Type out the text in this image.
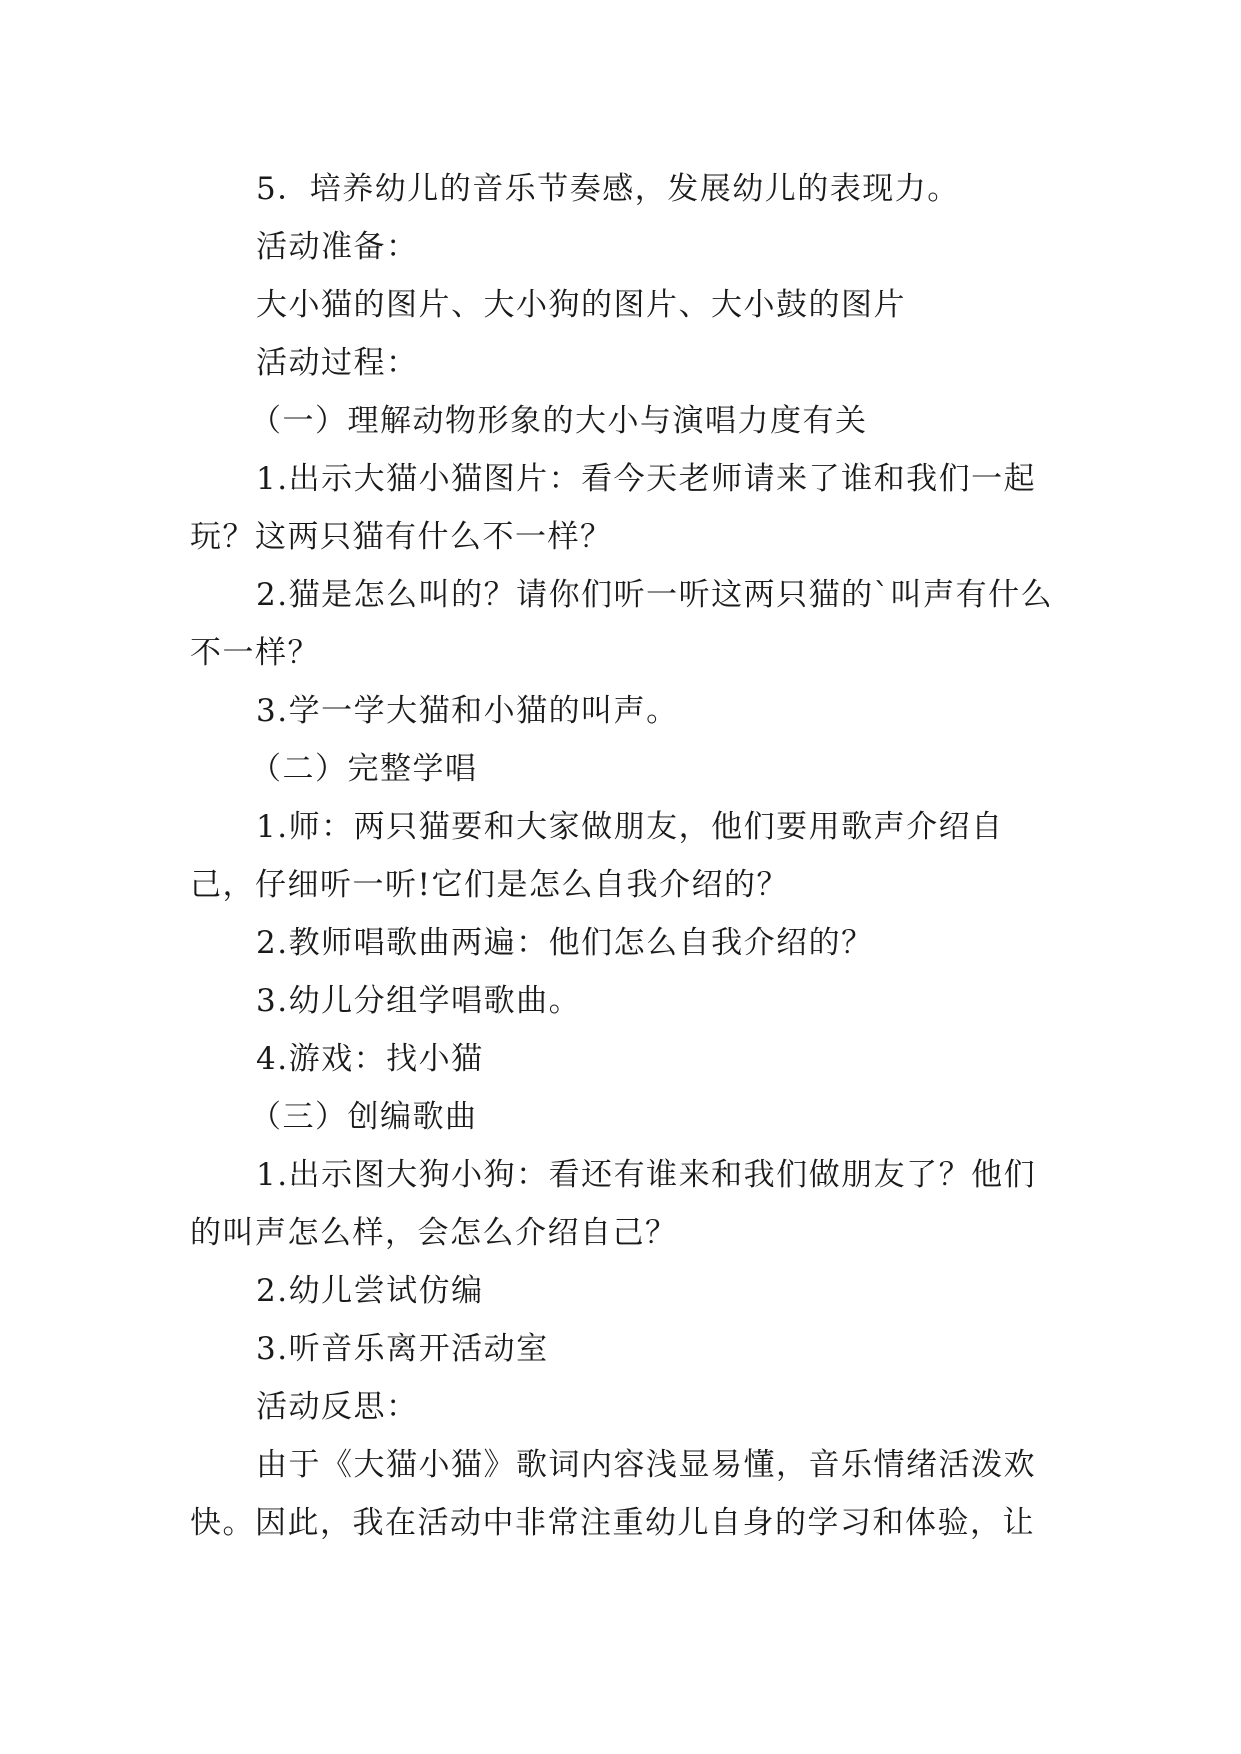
5．培养幼儿的音乐节奏感，发展幼儿的表现力。

活动准备：

大小猫的图片、大小狗的图片、大小鼓的图片

活动过程：

（一）理解动物形象的大小与演唱力度有关

1.出示大猫小猫图片：看今天老师请来了谁和我们一起玩？这两只猫有什么不一样？

2.猫是怎么叫的？请你们听一听这两只猫的`叫声有什么不一样？

3.学一学大猫和小猫的叫声。

（二）完整学唱

1.师：两只猫要和大家做朋友，他们要用歌声介绍自己，仔细听一听!它们是怎么自我介绍的？

2.教师唱歌曲两遍：他们怎么自我介绍的？

3.幼儿分组学唱歌曲。

4.游戏：找小猫

（三）创编歌曲

1.出示图大狗小狗：看还有谁来和我们做朋友了？他们的叫声怎么样，会怎么介绍自己？

2.幼儿尝试仿编

3.听音乐离开活动室

活动反思：

由于《大猫小猫》歌词内容浅显易懂，音乐情绪活泼欢快。因此，我在活动中非常注重幼儿自身的学习和体验，让
